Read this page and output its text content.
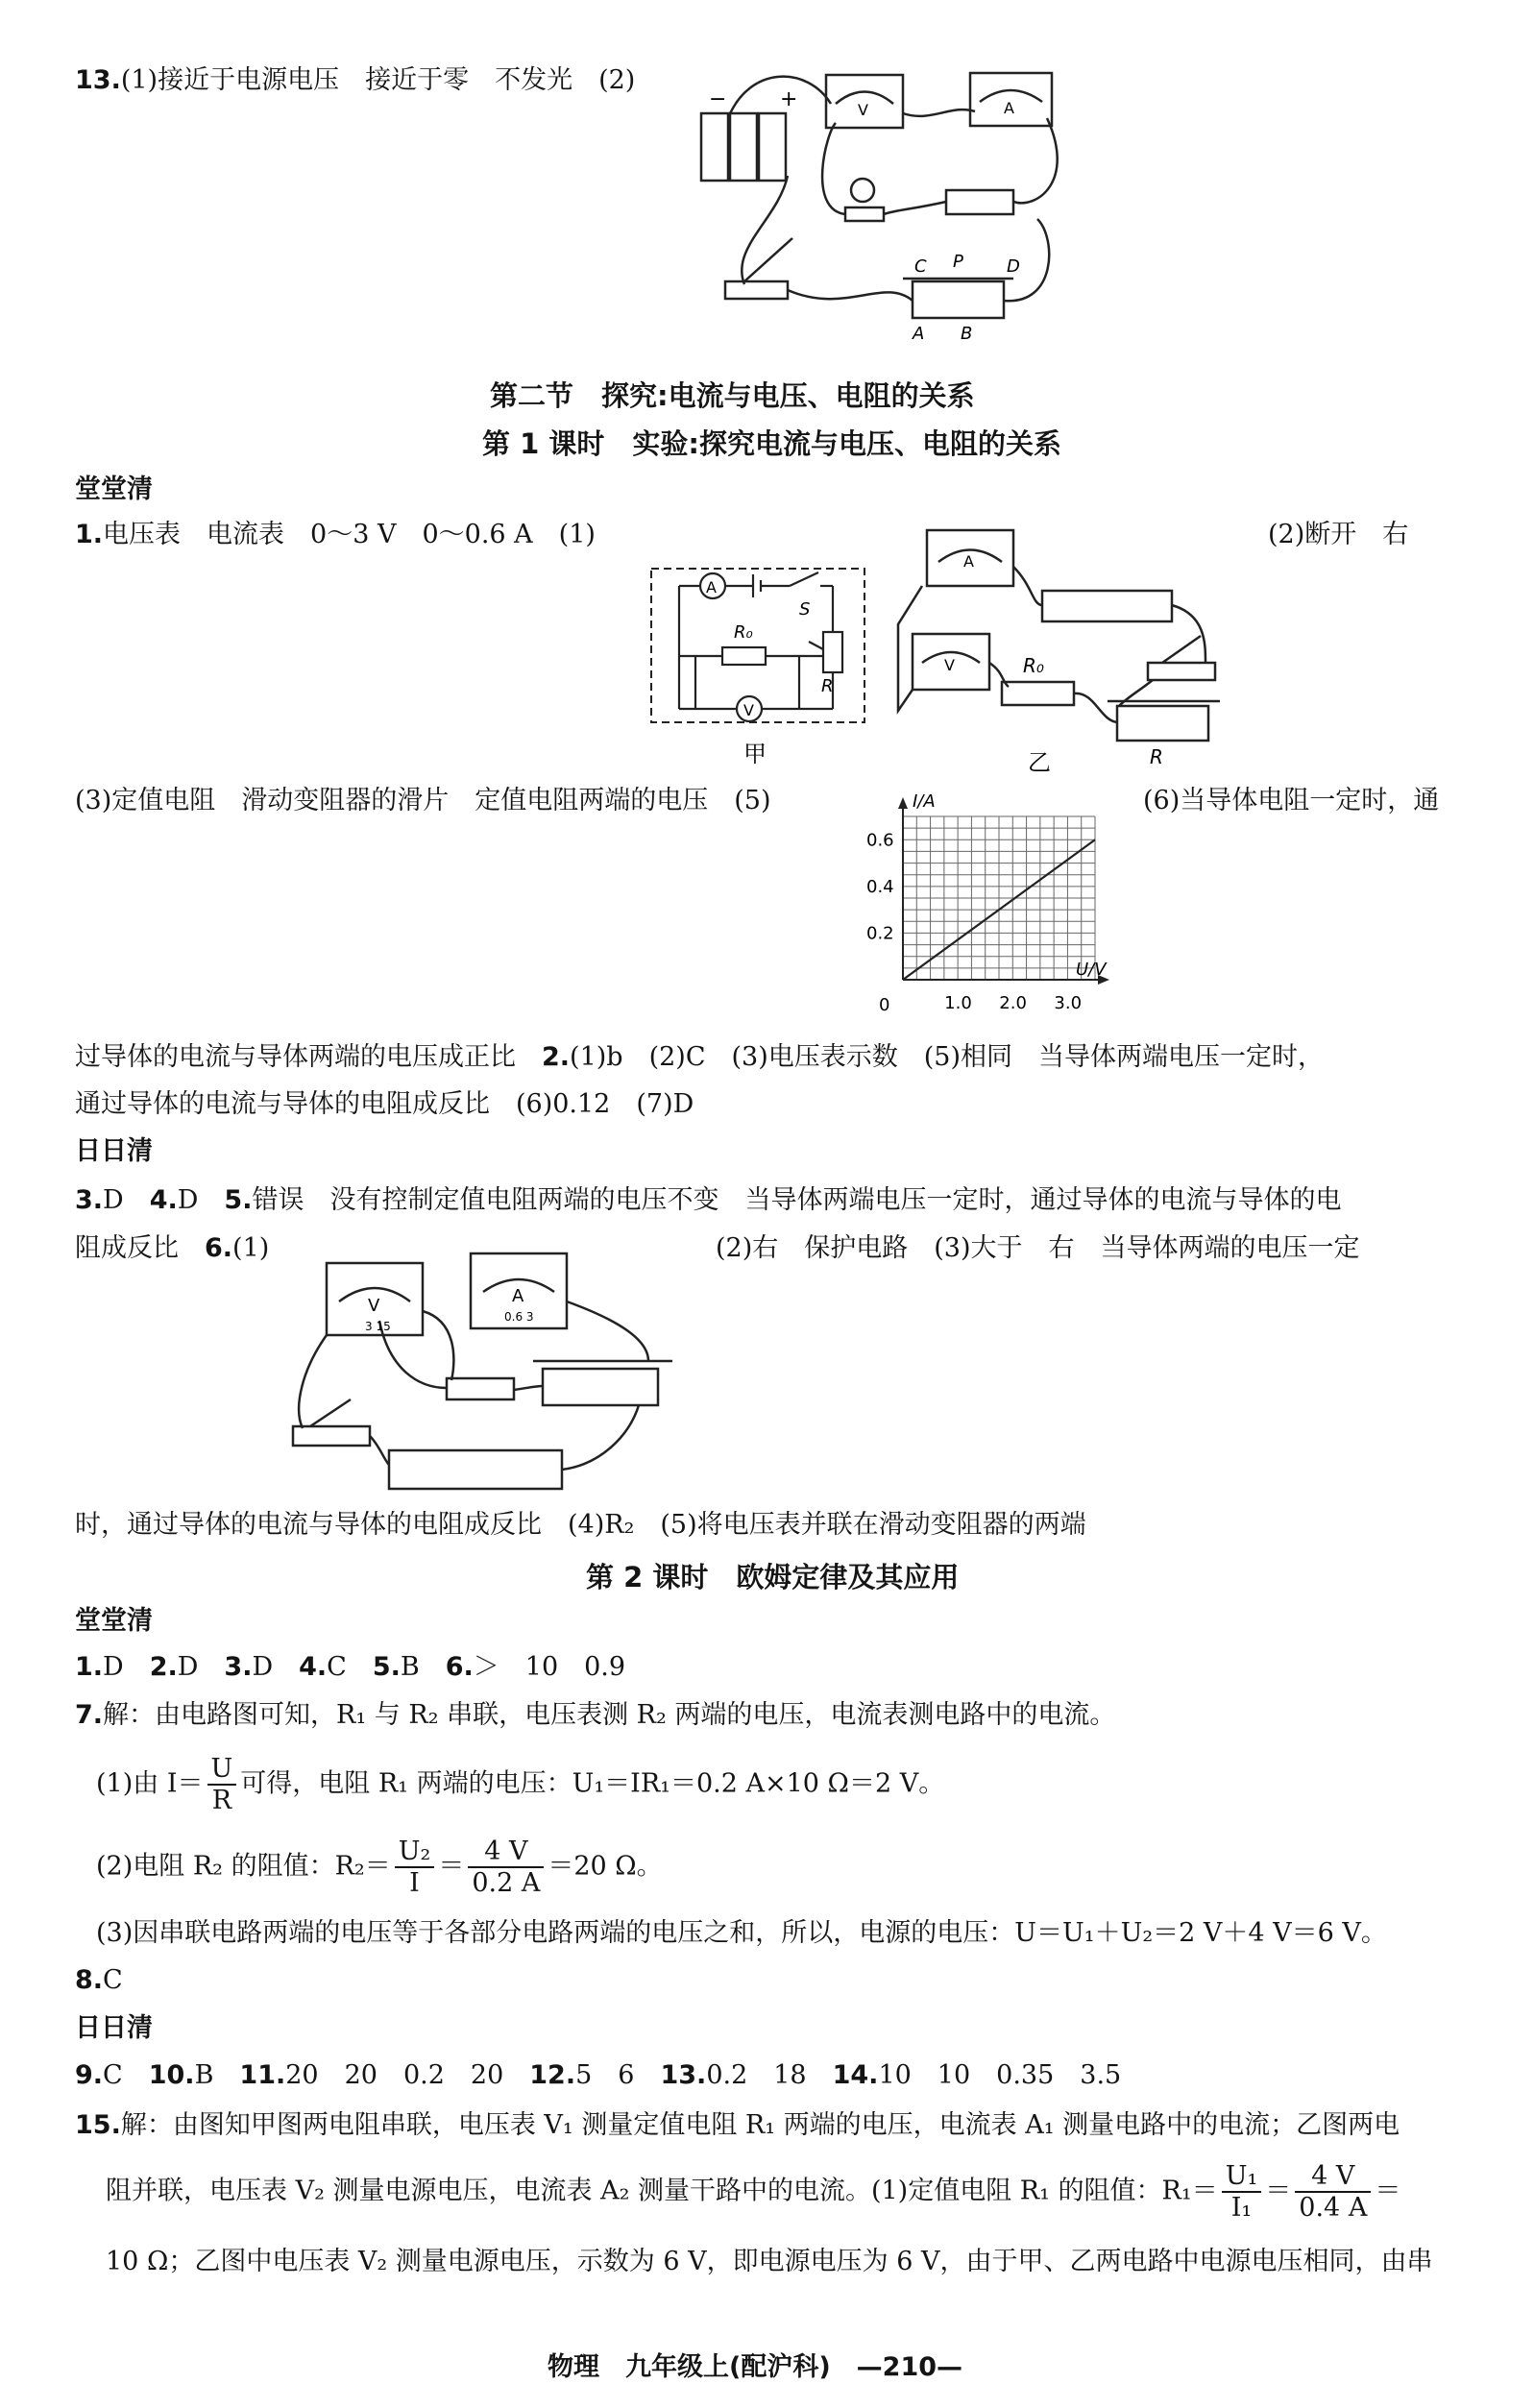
13.(1)接近于电源电压　接近于零　不发光　(2)
−	+	V	A
C P	D
A B
第二节　探究:电流与电压、电阻的关系
第 1 课时　实验:探究电流与电压、电阻的关系
堂堂清
1.电压表　电流表　0～3 V　0～0.6 A　(1)	(2)断开　右
A
V
S
R₀
R
甲
A
V	R₀
R
乙
(3)定值电阻　滑动变阻器的滑片　定值电阻两端的电压　(5)	(6)当导体电阻一定时，通
I/A
U/V
0	1.0 2.0 3.0
0.2
0.4
0.6
过导体的电流与导体两端的电压成正比　 2.(1)b　(2)C　(3)电压表示数　(5)相同　当导体两端电压一定时，
通过导体的电流与导体的电阻成反比　(6)0.12　(7)D
日日清
3.D　4.D　5.错误　没有控制定值电阻两端的电压不变　当导体两端电压一定时，通过导体的电流与导体的电
阻成反比　6.(1)	(2)右　保护电路　(3)大于　右　当导体两端的电压一定
V	A
3 15
0.6 3
时，通过导体的电流与导体的电阻成反比　(4)R₂　(5)将电压表并联在滑动变阻器的两端
第 2 课时　欧姆定律及其应用
堂堂清
1.D　2.D　3.D　4.C　5.B　6.＞　10　0.9
7.解：由电路图可知，R₁ 与 R₂ 串联，电压表测 R₂ 两端的电压，电流表测电路中的电流。
(1)由 $I= \frac{U}{R}$ 可得，电阻 R₁ 两端的电压：U₁＝IR₁＝0.2 A×10 Ω＝2 V。
(2)电阻 R₂ 的阻值：$R_2= \frac{\text{U₂}}{I} = \frac{4 V}{0.2 A} =20$ Ω。
(3)因串联电路两端的电压等于各部分电路两端的电压之和，所以，电源的电压：U＝U₁＋U₂＝2 V＋4 V＝6 V。
8.C
日日清
9.C　10.B　11.20　20　0.2　20　12.5　6　13.0.2　18　14.10　10　0.35　3.5
15.解：由图知甲图两电阻串联，电压表 V₁ 测量定值电阻 R₁ 两端的电压，电流表 A₁ 测量电路中的电流；乙图两电
阻并联，电压表 V₂ 测量电源电压，电流表 A₂ 测量干路中的电流。(1)定值电阻 R₁ 的阻值：$R_1= \frac{\text{U₁}}{\text{I₁}} = \frac{4 V}{0.4 A}$ ＝
10 Ω；乙图中电压表 V₂ 测量电源电压，示数为 6 V，即电源电压为 6 V，由于甲、乙两电路中电源电压相同，由串
物理　九年级上(配沪科)　—210—
